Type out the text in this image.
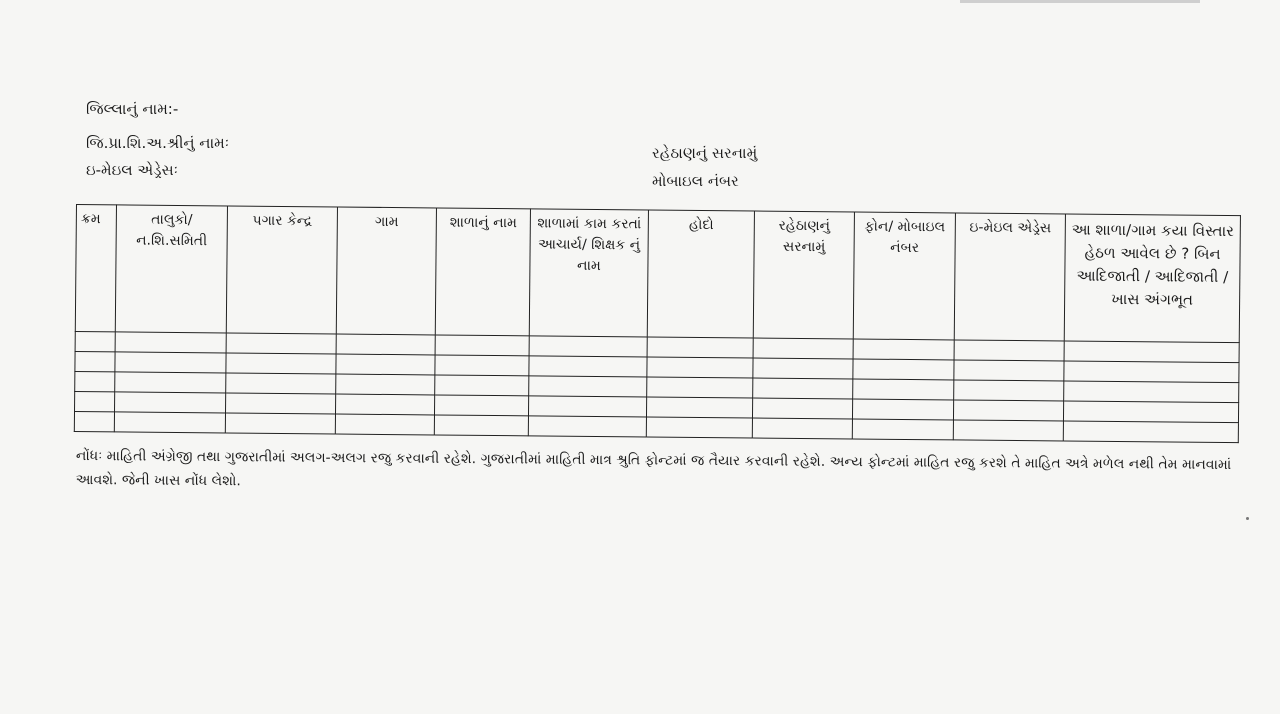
જિલ્લાનું નામ:-
જિ.પ્રા.શિ.અ.શ્રીનું નામઃ
ઇ-મેઇલ એડ્રેસઃ
રહેઠાણનું સરનામું
મોબાઇલ નંબર
ક્રમ	તાલુકો/ ન.શિ.સમિતી	પગાર કેન્દ્ર	ગામ	શાળાનું નામ	શાળામાં કામ કરતાં આચાર્ય/ શિક્ષક નું નામ	હોદો	રહેઠાણનું સરનામું	ફોન/ મોબાઇલ નંબર	ઇ-મેઇલ એડ્રેસ	આ શાળા/ગામ કયા વિસ્તાર હેઠળ આવેલ છે ? બિન આદિજાતી / આદિજાતી / ખાસ અંગભૂત

નોંધઃ માહિતી અંગ્રેજી તથા ગુજરાતીમાં અલગ-અલગ રજુ કરવાની રહેશે. ગુજરાતીમાં માહિતી માત્ર શ્રુતિ ફોન્ટમાં જ તૈયાર કરવાની રહેશે. અન્ય ફોન્ટમાં માહિત રજુ કરશે તે માહિત અત્રે મળેલ નથી તેમ માનવામાં આવશે. જેની ખાસ નોંધ લેશો.
